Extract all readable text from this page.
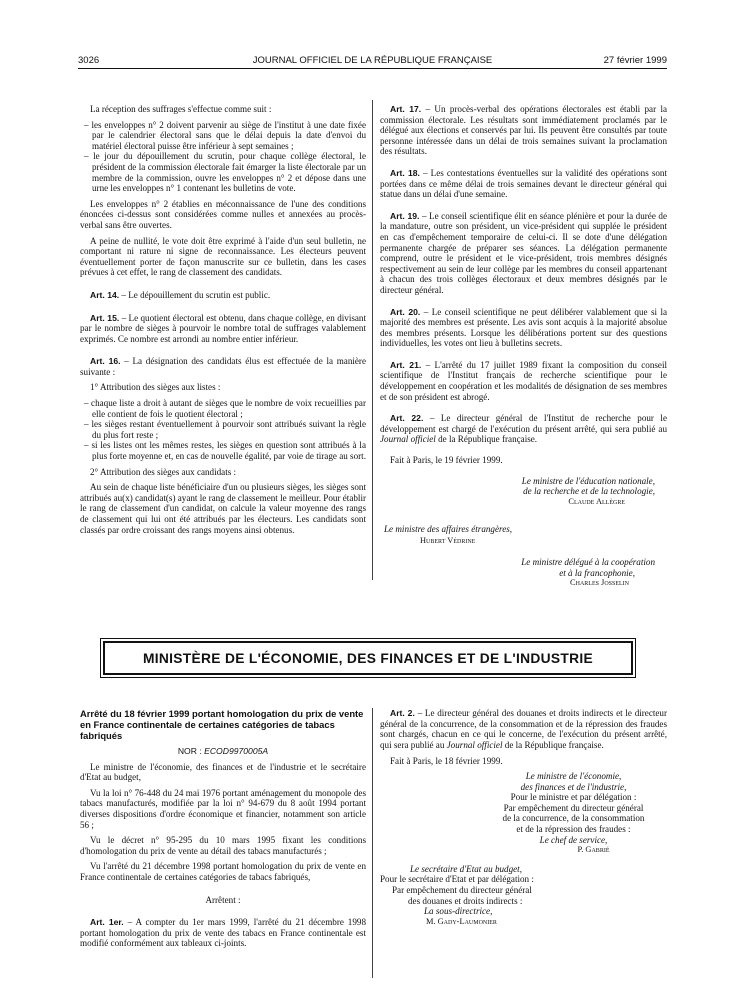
3026	JOURNAL OFFICIEL DE LA RÉPUBLIQUE FRANÇAISE	27 février 1999

La réception des suffrages s'effectue comme suit :

– les enveloppes n° 2 doivent parvenir au siège de l'institut à une date fixée par le calendrier électoral sans que le délai depuis la date d'envoi du matériel électoral puisse être inférieur à sept semaines ;
– le jour du dépouillement du scrutin, pour chaque collège électoral, le président de la commission électorale fait émarger la liste électorale par un membre de la commission, ouvre les enveloppes n° 2 et dépose dans une urne les enveloppes n° 1 contenant les bulletins de vote.

Les enveloppes n° 2 établies en méconnaissance de l'une des conditions énoncées ci-dessus sont considérées comme nulles et annexées au procès-verbal sans être ouvertes.

A peine de nullité, le vote doit être exprimé à l'aide d'un seul bulletin, ne comportant ni rature ni signe de reconnaissance. Les électeurs peuvent éventuellement porter de façon manuscrite sur ce bulletin, dans les cases prévues à cet effet, le rang de classement des candidats.

Art. 14. – Le dépouillement du scrutin est public.

Art. 15. – Le quotient électoral est obtenu, dans chaque collège, en divisant par le nombre de sièges à pourvoir le nombre total de suffrages valablement exprimés. Ce nombre est arrondi au nombre entier inférieur.

Art. 16. – La désignation des candidats élus est effectuée de la manière suivante :

1° Attribution des sièges aux listes :

– chaque liste a droit à autant de sièges que le nombre de voix recueillies par elle contient de fois le quotient électoral ;
– les sièges restant éventuellement à pourvoir sont attribués suivant la règle du plus fort reste ;
– si les listes ont les mêmes restes, les sièges en question sont attribués à la plus forte moyenne et, en cas de nouvelle égalité, par voie de tirage au sort.

2° Attribution des sièges aux candidats :

Au sein de chaque liste bénéficiaire d'un ou plusieurs sièges, les sièges sont attribués au(x) candidat(s) ayant le rang de classement le meilleur. Pour établir le rang de classement d'un candidat, on calcule la valeur moyenne des rangs de classement qui lui ont été attribués par les électeurs. Les candidats sont classés par ordre croissant des rangs moyens ainsi obtenus.

Art. 17. – Un procès-verbal des opérations électorales est établi par la commission électorale. Les résultats sont immédiatement proclamés par le délégué aux élections et conservés par lui. Ils peuvent être consultés par toute personne intéressée dans un délai de trois semaines suivant la proclamation des résultats.

Art. 18. – Les contestations éventuelles sur la validité des opérations sont portées dans ce même délai de trois semaines devant le directeur général qui statue dans un délai d'une semaine.

Art. 19. – Le conseil scientifique élit en séance plénière et pour la durée de la mandature, outre son président, un vice-président qui supplée le président en cas d'empêchement temporaire de celui-ci. Il se dote d'une délégation permanente chargée de préparer ses séances. La délégation permanente comprend, outre le président et le vice-président, trois membres désignés respectivement au sein de leur collège par les membres du conseil appartenant à chacun des trois collèges électoraux et deux membres désignés par le directeur général.

Art. 20. – Le conseil scientifique ne peut délibérer valablement que si la majorité des membres est présente. Les avis sont acquis à la majorité absolue des membres présents. Lorsque les délibérations portent sur des questions individuelles, les votes ont lieu à bulletins secrets.

Art. 21. – L'arrêté du 17 juillet 1989 fixant la composition du conseil scientifique de l'Institut français de recherche scientifique pour le développement en coopération et les modalités de désignation de ses membres et de son président est abrogé.

Art. 22. – Le directeur général de l'Institut de recherche pour le développement est chargé de l'exécution du présent arrêté, qui sera publié au Journal officiel de la République française.

Fait à Paris, le 19 février 1999.

Le ministre de l'éducation nationale,
de la recherche et de la technologie,
Claude Allègre
Le ministre des affaires étrangères,
Hubert Védrine
Le ministre délégué à la coopération
et à la francophonie,
Charles Josselin
MINISTÈRE DE L'ÉCONOMIE, DES FINANCES ET DE L'INDUSTRIE

Arrêté du 18 février 1999 portant homologation du prix de vente en France continentale de certaines catégories de tabacs fabriqués

NOR : ECOD9970005A

Le ministre de l'économie, des finances et de l'industrie et le secrétaire d'Etat au budget,

Vu la loi n° 76-448 du 24 mai 1976 portant aménagement du monopole des tabacs manufacturés, modifiée par la loi n° 94-679 du 8 août 1994 portant diverses dispositions d'ordre économique et financier, notamment son article 56 ;

Vu le décret n° 95-295 du 10 mars 1995 fixant les conditions d'homologation du prix de vente au détail des tabacs manufacturés ;

Vu l'arrêté du 21 décembre 1998 portant homologation du prix de vente en France continentale de certaines catégories de tabacs fabriqués,

Arrêtent :

Art. 1er. – A compter du 1er mars 1999, l'arrêté du 21 décembre 1998 portant homologation du prix de vente des tabacs en France continentale est modifié conformément aux tableaux ci-joints.

Art. 2. – Le directeur général des douanes et droits indirects et le directeur général de la concurrence, de la consommation et de la répression des fraudes sont chargés, chacun en ce qui le concerne, de l'exécution du présent arrêté, qui sera publié au Journal officiel de la République française.

Fait à Paris, le 18 février 1999.

Le ministre de l'économie,
des finances et de l'industrie,
Pour le ministre et par délégation :
Par empêchement du directeur général
de la concurrence, de la consommation
et de la répression des fraudes :
Le chef de service,
P. Gabrié
Le secrétaire d'Etat au budget,
Pour le secrétaire d'Etat et par délégation :
Par empêchement du directeur général
des douanes et droits indirects :
La sous-directrice,
M. Gady-Laumonier
